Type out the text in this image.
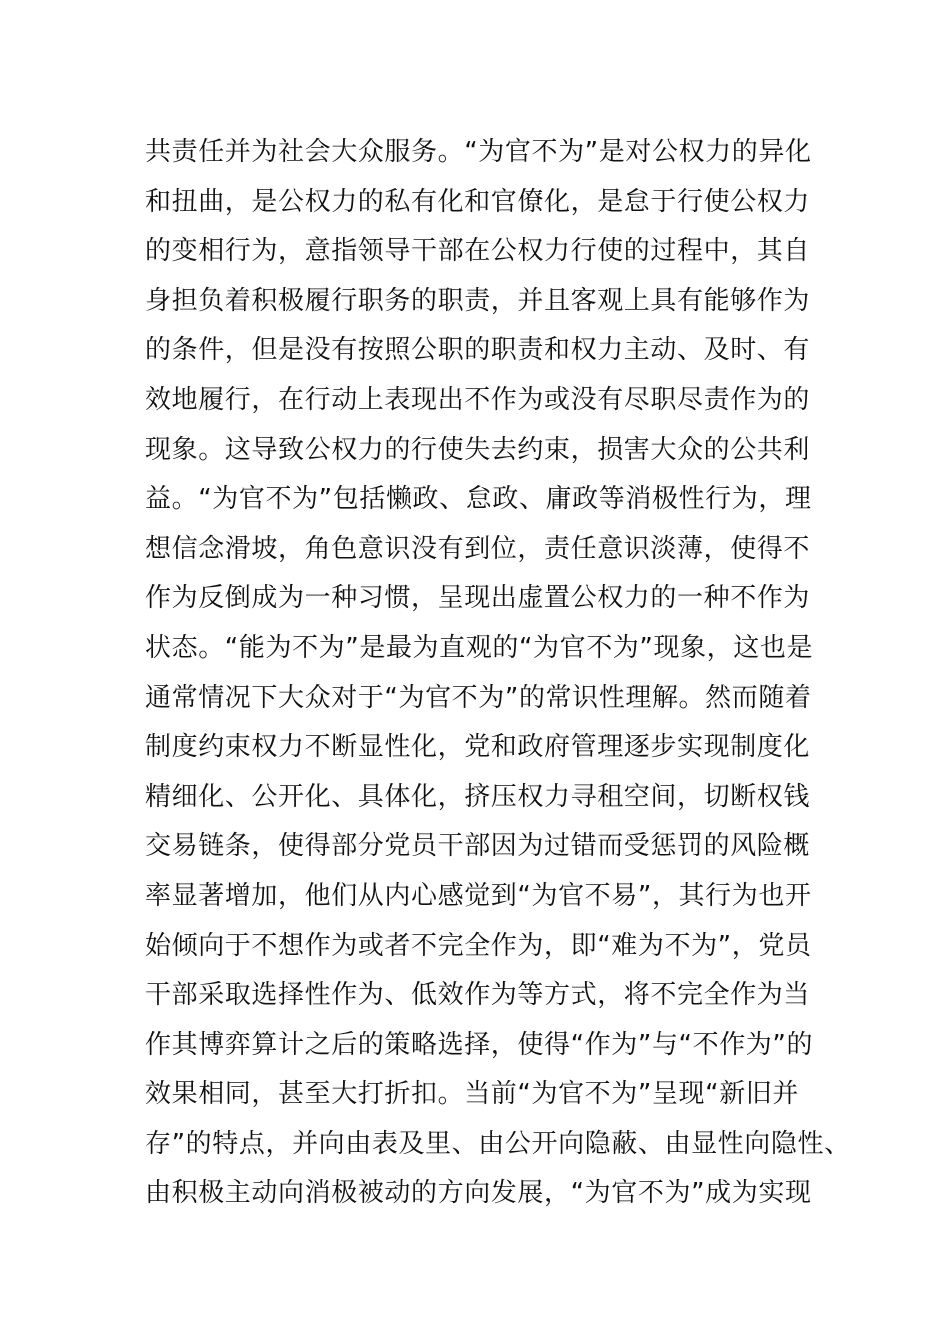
共责任并为社会大众服务。“为官不为”是对公权力的异化
和扭曲，是公权力的私有化和官僚化，是怠于行使公权力
的变相行为，意指领导干部在公权力行使的过程中，其自
身担负着积极履行职务的职责，并且客观上具有能够作为
的条件，但是没有按照公职的职责和权力主动、及时、有
效地履行，在行动上表现出不作为或没有尽职尽责作为的
现象。这导致公权力的行使失去约束，损害大众的公共利
益。“为官不为”包括懒政、怠政、庸政等消极性行为，理
想信念滑坡，角色意识没有到位，责任意识淡薄，使得不
作为反倒成为一种习惯，呈现出虚置公权力的一种不作为
状态。“能为不为”是最为直观的“为官不为”现象，这也是
通常情况下大众对于“为官不为”的常识性理解。然而随着
制度约束权力不断显性化，党和政府管理逐步实现制度化
精细化、公开化、具体化，挤压权力寻租空间，切断权钱
交易链条，使得部分党员干部因为过错而受惩罚的风险概
率显著增加，他们从内心感觉到“为官不易”，其行为也开
始倾向于不想作为或者不完全作为，即“难为不为”，党员
干部采取选择性作为、低效作为等方式，将不完全作为当
作其博弈算计之后的策略选择，使得“作为”与“不作为”的
效果相同，甚至大打折扣。当前“为官不为”呈现“新旧并
存”的特点，并向由表及里、由公开向隐蔽、由显性向隐性、
由积极主动向消极被动的方向发展，“为官不为”成为实现
